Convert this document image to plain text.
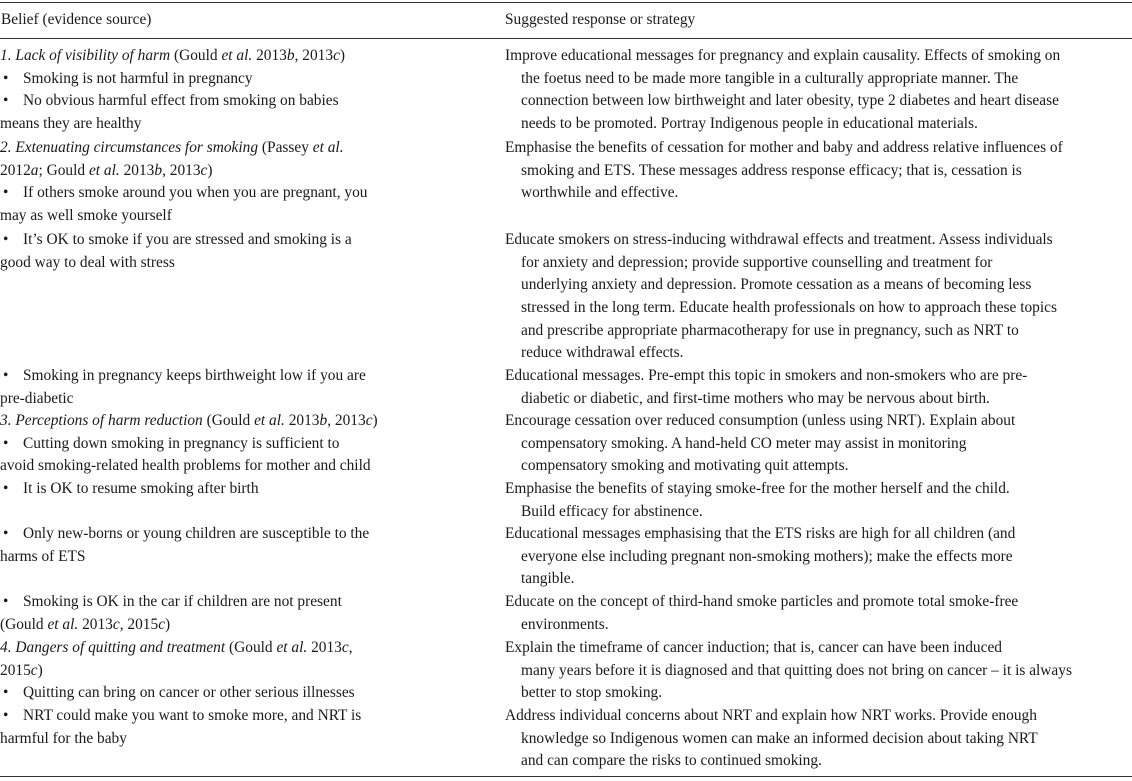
Belief (evidence source)	Suggested response or strategy
1. Lack of visibility of harm (Gould et al. 2013b, 2013c)
• Smoking is not harmful in pregnancy
• No obvious harmful effect from smoking on babies
means they are healthy
Improve educational messages for pregnancy and explain causality. Effects of smoking on
the foetus need to be made more tangible in a culturally appropriate manner. The
connection between low birthweight and later obesity, type 2 diabetes and heart disease
needs to be promoted. Portray Indigenous people in educational materials.
2. Extenuating circumstances for smoking (Passey et al.
2012a; Gould et al. 2013b, 2013c)
• If others smoke around you when you are pregnant, you
may as well smoke yourself
Emphasise the benefits of cessation for mother and baby and address relative influences of
smoking and ETS. These messages address response efficacy; that is, cessation is
worthwhile and effective.
• It’s OK to smoke if you are stressed and smoking is a
good way to deal with stress
Educate smokers on stress-inducing withdrawal effects and treatment. Assess individuals
for anxiety and depression; provide supportive counselling and treatment for
underlying anxiety and depression. Promote cessation as a means of becoming less
stressed in the long term. Educate health professionals on how to approach these topics
and prescribe appropriate pharmacotherapy for use in pregnancy, such as NRT to
reduce withdrawal effects.
• Smoking in pregnancy keeps birthweight low if you are
pre-diabetic
Educational messages. Pre-empt this topic in smokers and non-smokers who are pre-
diabetic or diabetic, and first-time mothers who may be nervous about birth.
3. Perceptions of harm reduction (Gould et al. 2013b, 2013c)
• Cutting down smoking in pregnancy is sufficient to
avoid smoking-related health problems for mother and child
Encourage cessation over reduced consumption (unless using NRT). Explain about
compensatory smoking. A hand-held CO meter may assist in monitoring
compensatory smoking and motivating quit attempts.
• It is OK to resume smoking after birth	Emphasise the benefits of staying smoke-free for the mother herself and the child.
Build efficacy for abstinence.
• Only new-borns or young children are susceptible to the
harms of ETS
Educational messages emphasising that the ETS risks are high for all children (and
everyone else including pregnant non-smoking mothers); make the effects more
tangible.
• Smoking is OK in the car if children are not present
(Gould et al. 2013c, 2015c)
Educate on the concept of third-hand smoke particles and promote total smoke-free
environments.
4. Dangers of quitting and treatment (Gould et al. 2013c,
2015c)
• Quitting can bring on cancer or other serious illnesses
Explain the timeframe of cancer induction; that is, cancer can have been induced
many years before it is diagnosed and that quitting does not bring on cancer – it is always
better to stop smoking.
• NRT could make you want to smoke more, and NRT is
harmful for the baby
Address individual concerns about NRT and explain how NRT works. Provide enough
knowledge so Indigenous women can make an informed decision about taking NRT
and can compare the risks to continued smoking.
